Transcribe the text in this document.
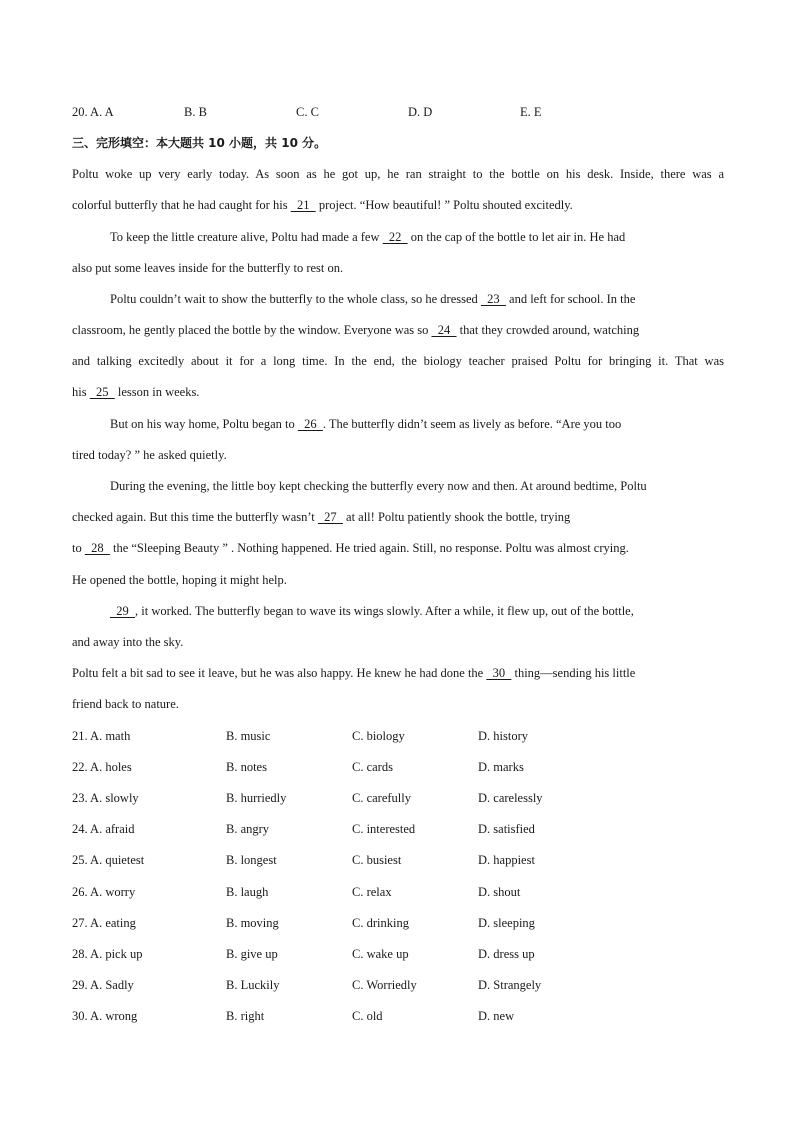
20. A. A	B. B	C. C	D. D	E. E
三、完形填空：本大题共 10 小题，共 10 分。
Poltu woke up very early today. As soon as he got up, he ran straight to the bottle on his desk. Inside, there was a
colorful butterfly that he had caught for his   21   project. “How beautiful! ” Poltu shouted excitedly.
To keep the little creature alive, Poltu had made a few   22   on the cap of the bottle to let air in. He had
also put some leaves inside for the butterfly to rest on.
Poltu couldn’t wait to show the butterfly to the whole class, so he dressed   23   and left for school. In the
classroom, he gently placed the bottle by the window. Everyone was so   24   that they crowded around, watching
and talking excitedly about it for a long time. In the end, the biology teacher praised Poltu for bringing it. That was
his   25   lesson in weeks.
But on his way home, Poltu began to   26  . The butterfly didn’t seem as lively as before. “Are you too
tired today? ” he asked quietly.
During the evening, the little boy kept checking the butterfly every now and then. At around bedtime, Poltu
checked again. But this time the butterfly wasn’t   27   at all! Poltu patiently shook the bottle, trying
to   28   the “Sleeping Beauty ” . Nothing happened. He tried again. Still, no response. Poltu was almost crying.
He opened the bottle, hoping it might help.
29  , it worked. The butterfly began to wave its wings slowly. After a while, it flew up, out of the bottle,
and away into the sky.
Poltu felt a bit sad to see it leave, but he was also happy. He knew he had done the   30   thing—sending his little
friend back to nature.
21. A. math	B. music	C. biology	D. history
22. A. holes	B. notes	C. cards	D. marks
23. A. slowly	B. hurriedly	C. carefully	D. carelessly
24. A. afraid	B. angry	C. interested	D. satisfied
25. A. quietest	B. longest	C. busiest	D. happiest
26. A. worry	B. laugh	C. relax	D. shout
27. A. eating	B. moving	C. drinking	D. sleeping
28. A. pick up	B. give up	C. wake up	D. dress up
29. A. Sadly	B. Luckily	C. Worriedly	D. Strangely
30. A. wrong	B. right	C. old	D. new
